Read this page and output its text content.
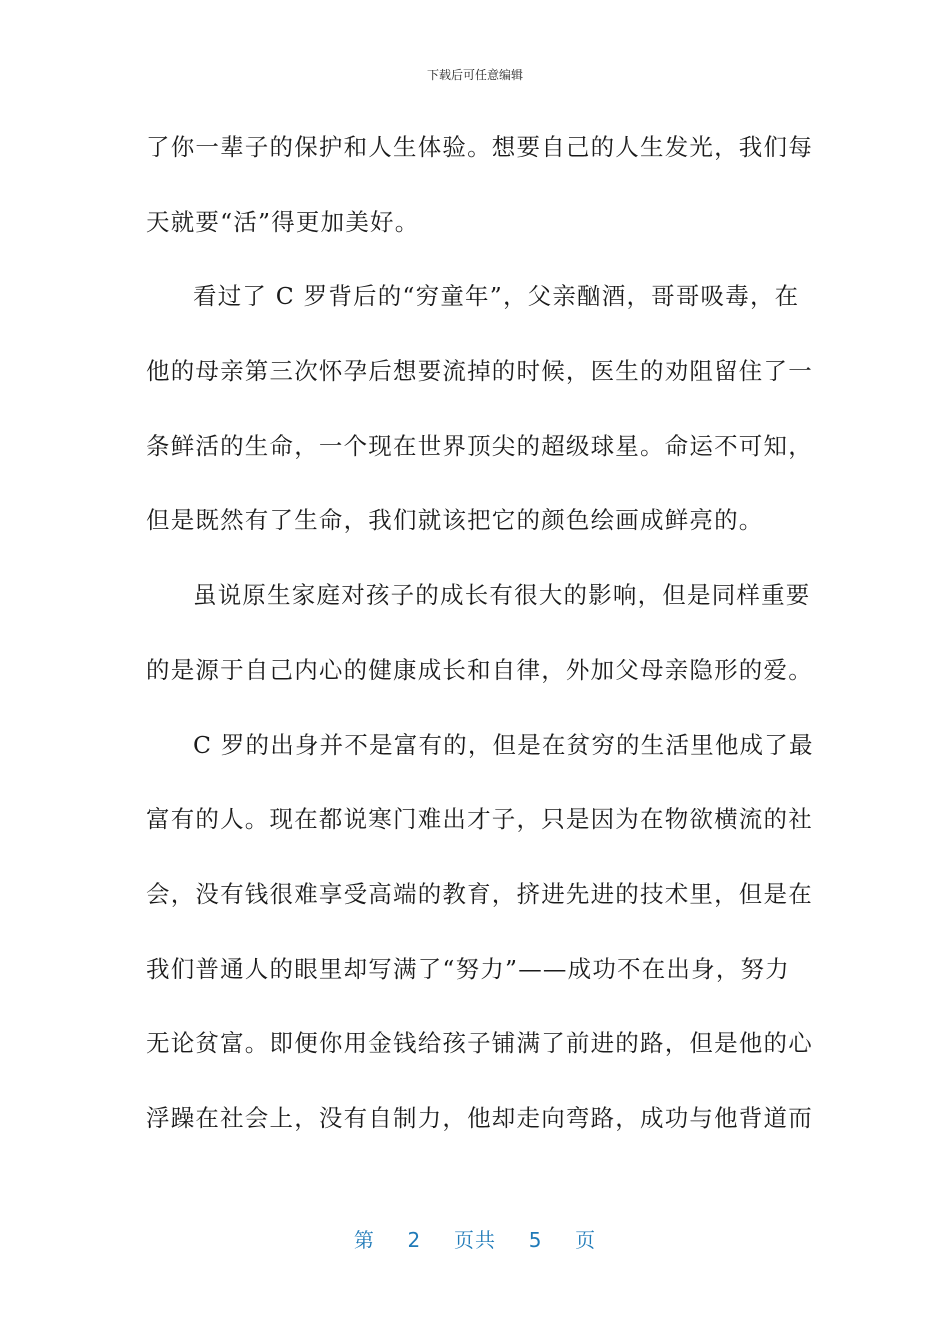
下载后可任意编辑
了你一辈子的保护和人生体验。想要自己的人生发光，我们每
天就要“活”得更加美好。
看过了 C 罗背后的“穷童年”，父亲酗酒，哥哥吸毒，在
他的母亲第三次怀孕后想要流掉的时候，医生的劝阻留住了一
条鲜活的生命，一个现在世界顶尖的超级球星。命运不可知，
但是既然有了生命，我们就该把它的颜色绘画成鲜亮的。
虽说原生家庭对孩子的成长有很大的影响，但是同样重要
的是源于自己内心的健康成长和自律，外加父母亲隐形的爱。
C 罗的出身并不是富有的，但是在贫穷的生活里他成了最
富有的人。现在都说寒门难出才子，只是因为在物欲横流的社
会，没有钱很难享受高端的教育，挤进先进的技术里，但是在
我们普通人的眼里却写满了“努力”——成功不在出身，努力
无论贫富。即便你用金钱给孩子铺满了前进的路，但是他的心
浮躁在社会上，没有自制力，他却走向弯路，成功与他背道而
第 2 页共 5 页
